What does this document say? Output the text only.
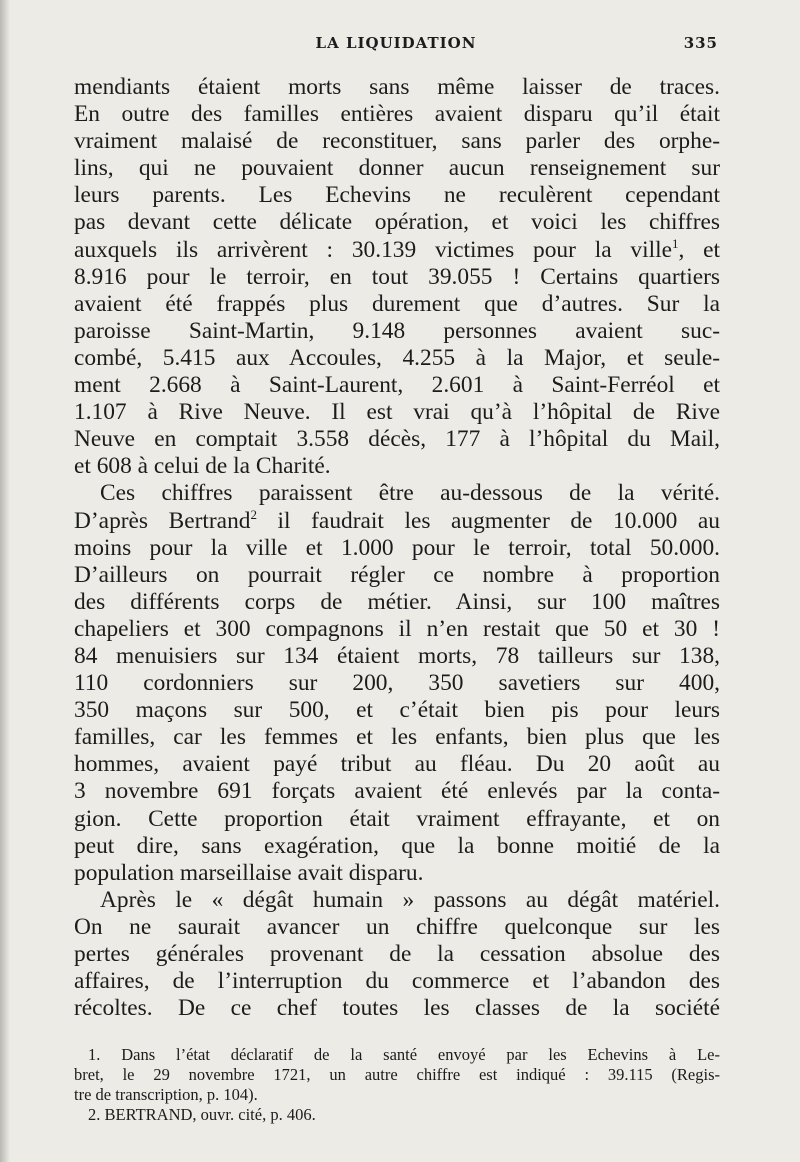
LA LIQUIDATION	335
mendiants étaient morts sans même laisser de traces.
En outre des familles entières avaient disparu qu’il était
vraiment malaisé de reconstituer, sans parler des orphe-
lins, qui ne pouvaient donner aucun renseignement sur
leurs parents. Les Echevins ne reculèrent cependant
pas devant cette délicate opération, et voici les chiffres
auxquels ils arrivèrent : 30.139 victimes pour la ville$^1$, et
8.916 pour le terroir, en tout 39.055 ! Certains quartiers
avaient été frappés plus durement que d’autres. Sur la
paroisse Saint-Martin, 9.148 personnes avaient suc-
combé, 5.415 aux Accoules, 4.255 à la Major, et seule-
ment 2.668 à Saint-Laurent, 2.601 à Saint-Ferréol et
1.107 à Rive Neuve. Il est vrai qu’à l’hôpital de Rive
Neuve en comptait 3.558 décès, 177 à l’hôpital du Mail,
et 608 à celui de la Charité.
Ces chiffres paraissent être au-dessous de la vérité.
D’après Bertrand$^2$ il faudrait les augmenter de 10.000 au
moins pour la ville et 1.000 pour le terroir, total 50.000.
D’ailleurs on pourrait régler ce nombre à proportion
des différents corps de métier. Ainsi, sur 100 maîtres
chapeliers et 300 compagnons il n’en restait que 50 et 30 !
84 menuisiers sur 134 étaient morts, 78 tailleurs sur 138,
110 cordonniers sur 200, 350 savetiers sur 400,
350 maçons sur 500, et c’était bien pis pour leurs
familles, car les femmes et les enfants, bien plus que les
hommes, avaient payé tribut au fléau. Du 20 août au
3 novembre 691 forçats avaient été enlevés par la conta-
gion. Cette proportion était vraiment effrayante, et on
peut dire, sans exagération, que la bonne moitié de la
population marseillaise avait disparu.
Après le « dégât humain » passons au dégât matériel.
On ne saurait avancer un chiffre quelconque sur les
pertes générales provenant de la cessation absolue des
affaires, de l’interruption du commerce et l’abandon des
récoltes. De ce chef toutes les classes de la société
1. Dans l’état déclaratif de la santé envoyé par les Echevins à Le-
bret, le 29 novembre 1721, un autre chiffre est indiqué : 39.115 (Regis-
tre de transcription, p. 104).
2. BERTRAND, ouvr. cité, p. 406.
